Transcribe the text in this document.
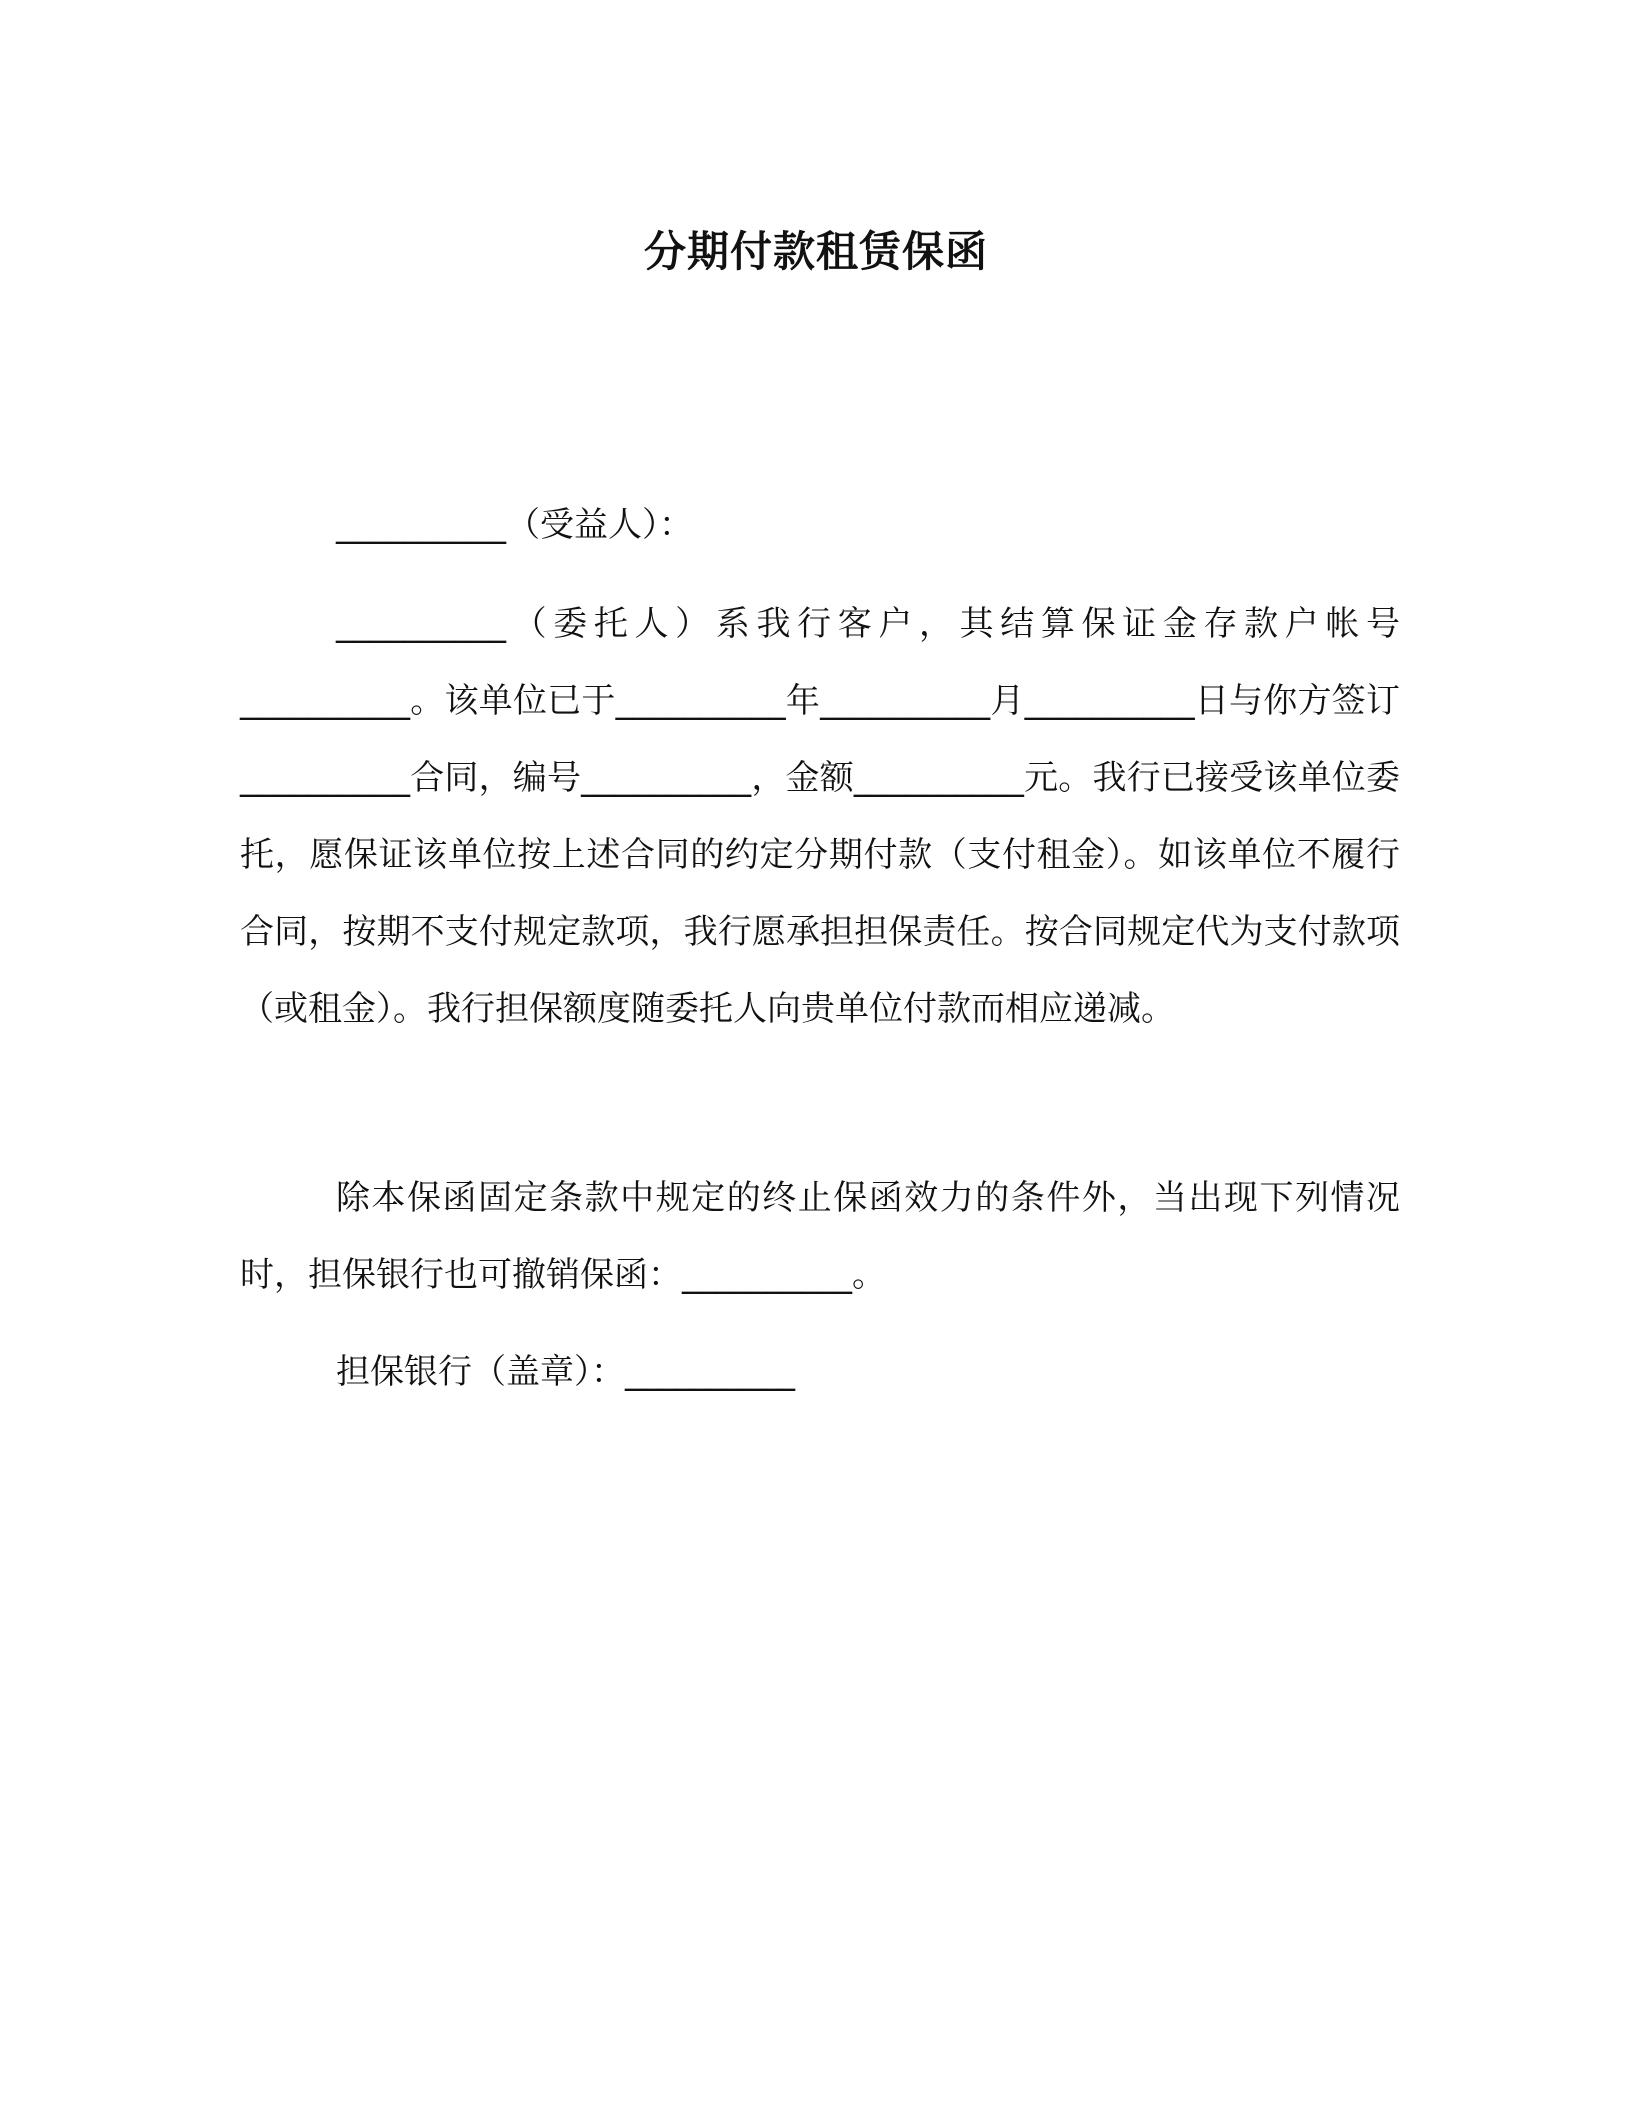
分期付款租赁保函
__________（受益人）：
__________（委托人）系我行客户，其结算保证金存款户帐号__________。该单位已于__________年__________月__________日与你方签订__________合同，编号__________，金额__________元。我行已接受该单位委托，愿保证该单位按上述合同的约定分期付款（支付租金）。如该单位不履行合同，按期不支付规定款项，我行愿承担担保责任。按合同规定代为支付款项（或租金）。我行担保额度随委托人向贵单位付款而相应递减。
除本保函固定条款中规定的终止保函效力的条件外，当出现下列情况时，担保银行也可撤销保函：__________。
担保银行（盖章）：__________
